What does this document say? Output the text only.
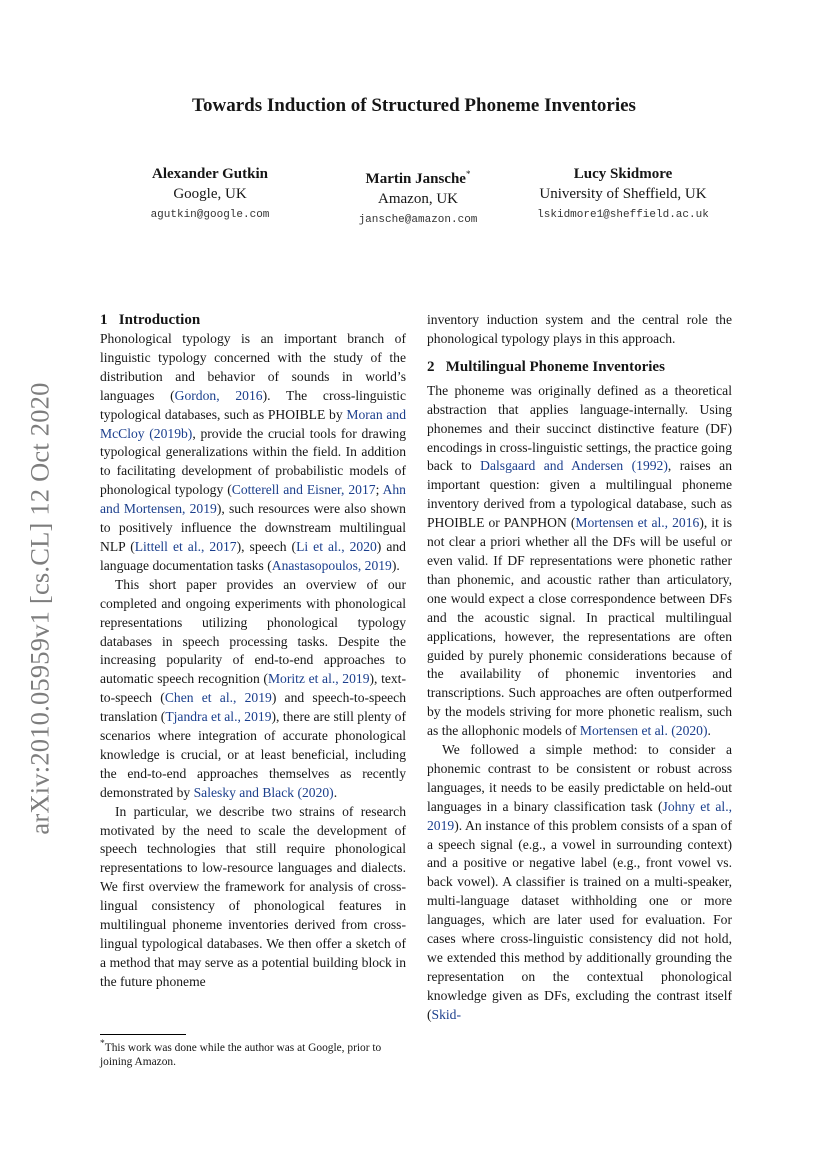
arXiv:2010.05959v1 [cs.CL] 12 Oct 2020
Towards Induction of Structured Phoneme Inventories
Alexander Gutkin
Google, UK
agutkin@google.com
Martin Jansche*
Amazon, UK
jansche@amazon.com
Lucy Skidmore
University of Sheffield, UK
lskidmore1@sheffield.ac.uk
1 Introduction

Phonological typology is an important branch of linguistic typology concerned with the study of the distribution and behavior of sounds in world’s languages (Gordon, 2016). The cross-linguistic typological databases, such as PHOIBLE by Moran and McCloy (2019b), provide the crucial tools for drawing typological generalizations within the field. In addition to facilitating development of probabilistic models of phonological typology (Cotterell and Eisner, 2017; Ahn and Mortensen, 2019), such resources were also shown to positively influence the downstream multilingual NLP (Littell et al., 2017), speech (Li et al., 2020) and language documentation tasks (Anastasopoulos, 2019).

This short paper provides an overview of our completed and ongoing experiments with phonological representations utilizing phonological typology databases in speech processing tasks. Despite the increasing popularity of end-to-end approaches to automatic speech recognition (Moritz et al., 2019), text-to-speech (Chen et al., 2019) and speech-to-speech translation (Tjandra et al., 2019), there are still plenty of scenarios where integration of accurate phonological knowledge is crucial, or at least beneficial, including the end-to-end approaches themselves as recently demonstrated by Salesky and Black (2020).

In particular, we describe two strains of research motivated by the need to scale the development of speech technologies that still require phonological representations to low-resource languages and dialects. We first overview the framework for analysis of cross-lingual consistency of phonological features in multilingual phoneme inventories derived from cross-lingual typological databases. We then offer a sketch of a method that may serve as a potential building block in the future phoneme

inventory induction system and the central role the phonological typology plays in this approach.

2 Multilingual Phoneme Inventories

The phoneme was originally defined as a theoretical abstraction that applies language-internally. Using phonemes and their succinct distinctive feature (DF) encodings in cross-linguistic settings, the practice going back to Dalsgaard and Andersen (1992), raises an important question: given a multilingual phoneme inventory derived from a typological database, such as PHOIBLE or PANPHON (Mortensen et al., 2016), it is not clear a priori whether all the DFs will be useful or even valid. If DF representations were phonetic rather than phonemic, and acoustic rather than articulatory, one would expect a close correspondence between DFs and the acoustic signal. In practical multilingual applications, however, the representations are often guided by purely phonemic considerations because of the availability of phonemic inventories and transcriptions. Such approaches are often outperformed by the models striving for more phonetic realism, such as the allophonic models of Mortensen et al. (2020).

We followed a simple method: to consider a phonemic contrast to be consistent or robust across languages, it needs to be easily predictable on held-out languages in a binary classification task (Johny et al., 2019). An instance of this problem consists of a span of a speech signal (e.g., a vowel in surrounding context) and a positive or negative label (e.g., front vowel vs. back vowel). A classifier is trained on a multi-speaker, multi-language dataset withholding one or more languages, which are later used for evaluation. For cases where cross-linguistic consistency did not hold, we extended this method by additionally grounding the representation on the contextual phonological knowledge given as DFs, excluding the contrast itself (Skid-

*This work was done while the author was at Google, prior to joining Amazon.
